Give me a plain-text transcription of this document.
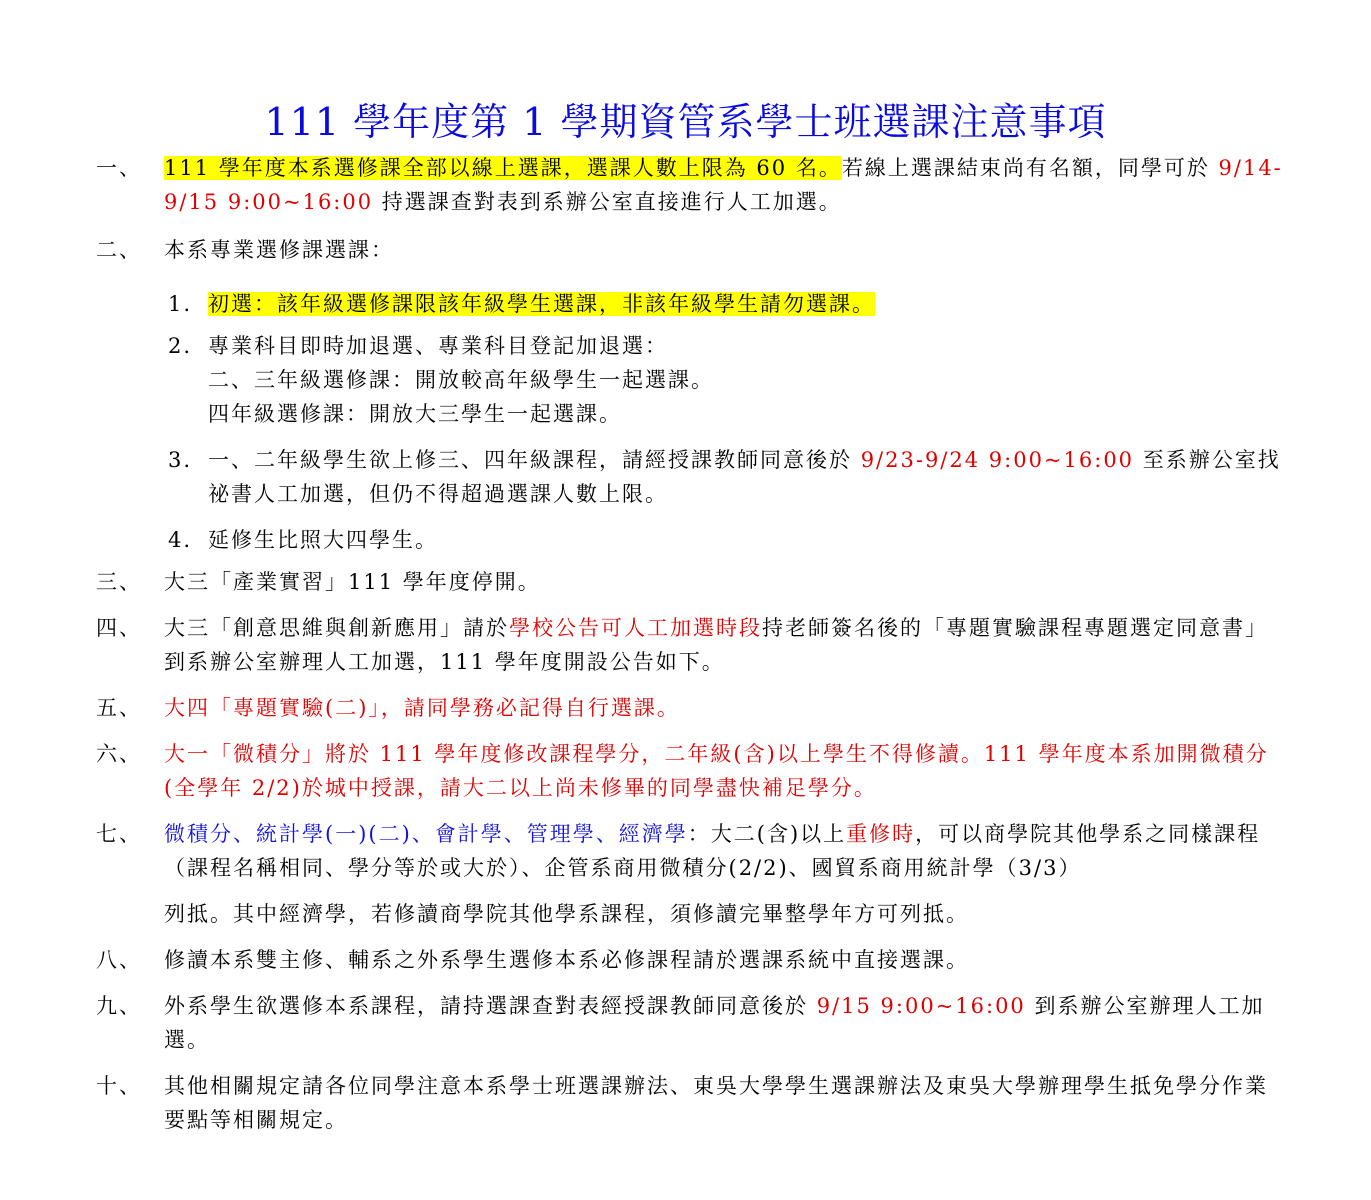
111 學年度第 1 學期資管系學士班選課注意事項
一、 111 學年度本系選修課全部以線上選課，選課人數上限為 60 名。若線上選課結束尚有名額，同學可於 9/14-9/15 9:00~16:00 持選課查對表到系辦公室直接進行人工加選。
二、 本系專業選修課選課：
1. 初選：該年級選修課限該年級學生選課，非該年級學生請勿選課。
2. 專業科目即時加退選、專業科目登記加退選：
二、三年級選修課：開放較高年級學生一起選課。
四年級選修課：開放大三學生一起選課。
3. 一、二年級學生欲上修三、四年級課程，請經授課教師同意後於 9/23-9/24 9:00~16:00 至系辦公室找祕書人工加選，但仍不得超過選課人數上限。
4. 延修生比照大四學生。
三、 大三「產業實習」111 學年度停開。
四、 大三「創意思維與創新應用」請於學校公告可人工加選時段持老師簽名後的「專題實驗課程專題選定同意書」到系辦公室辦理人工加選，111 學年度開設公告如下。
五、 大四「專題實驗(二)」，請同學務必記得自行選課。
六、 大一「微積分」將於 111 學年度修改課程學分，二年級(含)以上學生不得修讀。111 學年度本系加開微積分(全學年 2/2)於城中授課，請大二以上尚未修畢的同學盡快補足學分。
七、 微積分、統計學(一)(二)、會計學、管理學、經濟學：大二(含)以上重修時，可以商學院其他學系之同樣課程（課程名稱相同、學分等於或大於）、企管系商用微積分(2/2)、國貿系商用統計學（3/3）
列抵。其中經濟學，若修讀商學院其他學系課程，須修讀完畢整學年方可列抵。
八、 修讀本系雙主修、輔系之外系學生選修本系必修課程請於選課系統中直接選課。
九、 外系學生欲選修本系課程，請持選課查對表經授課教師同意後於 9/15 9:00~16:00 到系辦公室辦理人工加選。
十、 其他相關規定請各位同學注意本系學士班選課辦法、東吳大學學生選課辦法及東吳大學辦理學生抵免學分作業要點等相關規定。
